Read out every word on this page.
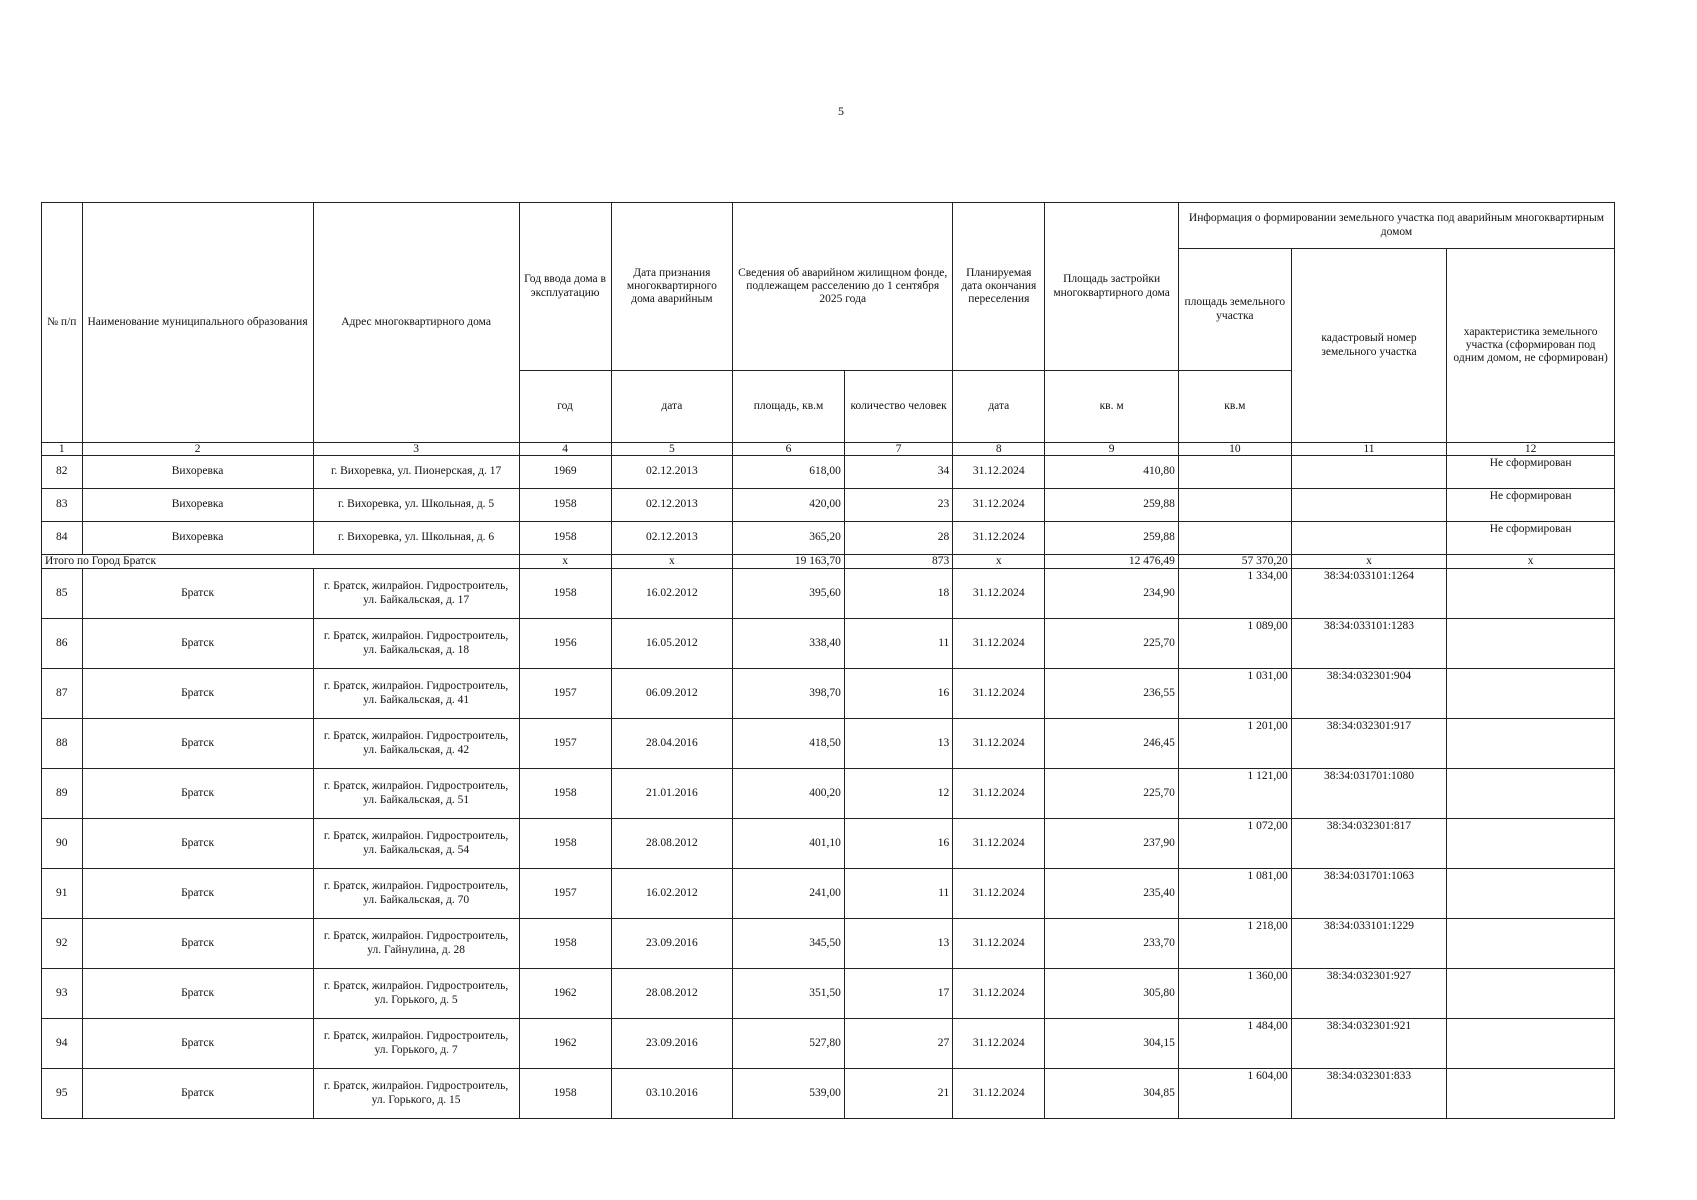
5
№ п/п	Наименование муниципального образования	Адрес многоквартирного дома	Год ввода дома в эксплуатацию	Дата признания многоквартирного дома аварийным	Сведения об аварийном жилищном фонде, подлежащем расселению до 1 сентября 2025 года		Планируемая дата окончания переселения	Площадь застройки многоквартирного дома	Информация о формировании земельного участка под аварийным многоквартирным домом		
									площадь земельного участка	кадастровый номер земельного участка	характеристика земельного участка (сформирован под одним домом, не сформирован)
			год	дата	площадь, кв.м	количество человек	дата	кв. м	кв.м		
1	2	3	4	5	6	7	8	9	10	11	12
82	Вихоревка	г. Вихоревка, ул. Пионерская, д. 17	1969	02.12.2013	618,00	34	31.12.2024	410,80			Не сформирован
83	Вихоревка	г. Вихоревка, ул. Школьная, д. 5	1958	02.12.2013	420,00	23	31.12.2024	259,88			Не сформирован
84	Вихоревка	г. Вихоревка, ул. Школьная, д. 6	1958	02.12.2013	365,20	28	31.12.2024	259,88			Не сформирован
Итого по Город Братск			x	x	19 163,70	873	x	12 476,49	57 370,20	x	x
85	Братск	г. Братск, жилрайон. Гидростроитель, ул. Байкальская, д. 17	1958	16.02.2012	395,60	18	31.12.2024	234,90	1 334,00	38:34:033101:1264	
86	Братск	г. Братск, жилрайон. Гидростроитель, ул. Байкальская, д. 18	1956	16.05.2012	338,40	11	31.12.2024	225,70	1 089,00	38:34:033101:1283	
87	Братск	г. Братск, жилрайон. Гидростроитель, ул. Байкальская, д. 41	1957	06.09.2012	398,70	16	31.12.2024	236,55	1 031,00	38:34:032301:904	
88	Братск	г. Братск, жилрайон. Гидростроитель, ул. Байкальская, д. 42	1957	28.04.2016	418,50	13	31.12.2024	246,45	1 201,00	38:34:032301:917	
89	Братск	г. Братск, жилрайон. Гидростроитель, ул. Байкальская, д. 51	1958	21.01.2016	400,20	12	31.12.2024	225,70	1 121,00	38:34:031701:1080	
90	Братск	г. Братск, жилрайон. Гидростроитель, ул. Байкальская, д. 54	1958	28.08.2012	401,10	16	31.12.2024	237,90	1 072,00	38:34:032301:817	
91	Братск	г. Братск, жилрайон. Гидростроитель, ул. Байкальская, д. 70	1957	16.02.2012	241,00	11	31.12.2024	235,40	1 081,00	38:34:031701:1063	
92	Братск	г. Братск, жилрайон. Гидростроитель, ул. Гайнулина, д. 28	1958	23.09.2016	345,50	13	31.12.2024	233,70	1 218,00	38:34:033101:1229	
93	Братск	г. Братск, жилрайон. Гидростроитель, ул. Горького, д. 5	1962	28.08.2012	351,50	17	31.12.2024	305,80	1 360,00	38:34:032301:927	
94	Братск	г. Братск, жилрайон. Гидростроитель, ул. Горького, д. 7	1962	23.09.2016	527,80	27	31.12.2024	304,15	1 484,00	38:34:032301:921	
95	Братск	г. Братск, жилрайон. Гидростроитель, ул. Горького, д. 15	1958	03.10.2016	539,00	21	31.12.2024	304,85	1 604,00	38:34:032301:833	
